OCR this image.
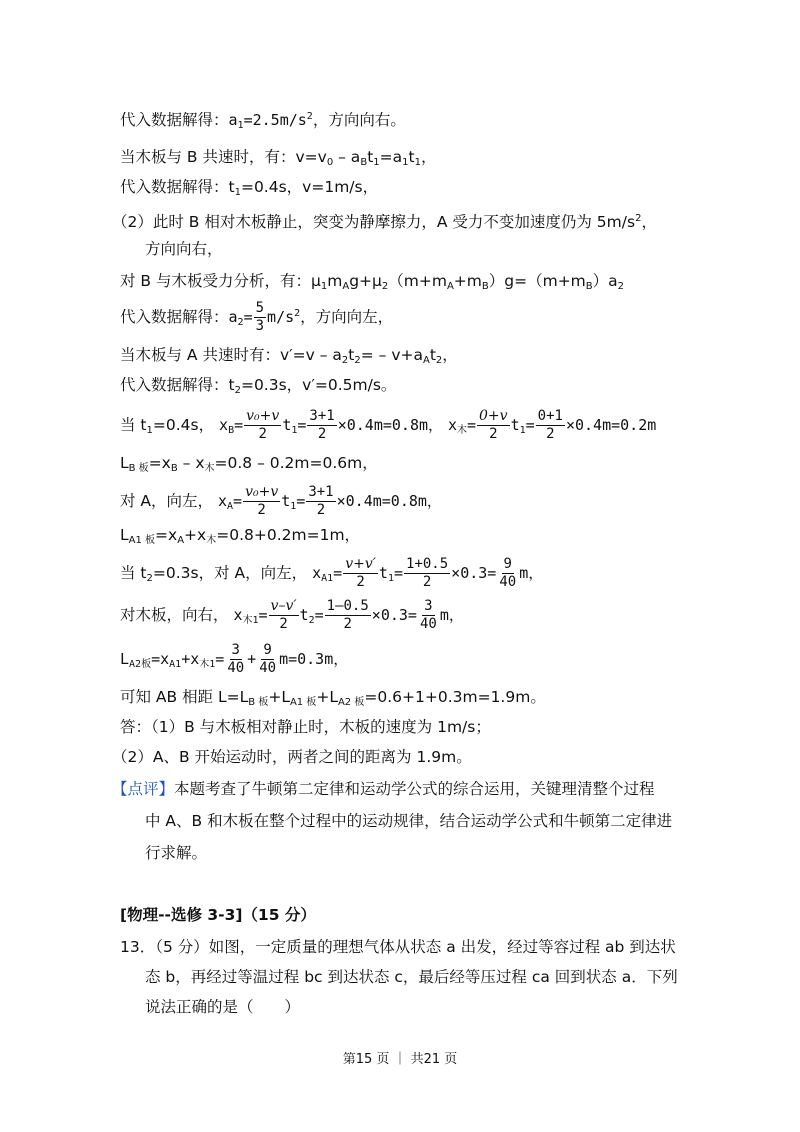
代入数据解得：$a_1=2.5m/s^2$，方向向右。
当木板与 B 共速时，有：$v=v_0 - a_Bt_1=a_1t_1$，
代入数据解得：$t_1=0.4s$，v=1m/s，
（2）此时 B 相对木板静止，突变为静摩擦力，A 受力不变加速度仍为 $5m/s^2$，
方向向右，
对 B 与木板受力分析，有：$\mu_1m_Ag+\mu_2(m+m_A+m_B)g=(m+m_B)a_2$
代入数据解得：$a_2= \frac{5}{3} m/s^2$，方向向左，
当木板与 A 共速时有：$v'=v - a_2t_2= - v+a_At_2$，
代入数据解得：$t_2=0.3s$，v′=0.5m/s。
当 $t_1=0.4s$， $x_B= \frac{\text{v₀+v}}{2} t_1= \frac{3+1}{2} \times 0.4m=0.8m$， $x_木= \frac{0+v}{2} t_1= \frac{0+1}{2} \times 0.4m=0.2m$
$L_{B 板}=x_B - x_木=0.8 - 0.2m=0.6m$，
对 A，向左， $x_A= \frac{\text{v₀+v}}{2} t_1= \frac{3+1}{2} \times 0.4m=0.8m$，
$L_{A1 板}=x_A+x_木=0.8+0.2m=1m$，
当 $t_2=0.3s$，对 A，向左， $x_{A1}= \frac{v+v'}{2} t_1= \frac{1+0.5}{2} \times 0.3= \frac{9}{40}$ m，
对木板，向右， $x_{木1}= \frac{v-v'}{2} t_2= \frac{1-0.5}{2} \times 0.3= \frac{3}{40}$ m，
$L_{A2板}=x_{A1}+x_{木1}= \frac{3}{40} + \frac{9}{40} m=0.3m$，
可知 AB 相距 $L=L_{B 板}+L_{A1 板}+L_{A2 板}=0.6+1+0.3m=1.9m$。
答：（1）B 与木板相对静止时，木板的速度为 1m/s；
（2）A、B 开始运动时，两者之间的距离为 1.9m。
【点评】本题考查了牛顿第二定律和运动学公式的综合运用，关键理清整个过程
中 A、B 和木板在整个过程中的运动规律，结合运动学公式和牛顿第二定律进
行求解。
[物理--选修 3-3]（15 分）
13．（5 分）如图，一定质量的理想气体从状态 a 出发，经过等容过程 ab 到达状
态 b，再经过等温过程 bc 到达状态 c，最后经等压过程 ca 回到状态 a．下列
说法正确的是（　　）
第15 页 ｜ 共21 页
